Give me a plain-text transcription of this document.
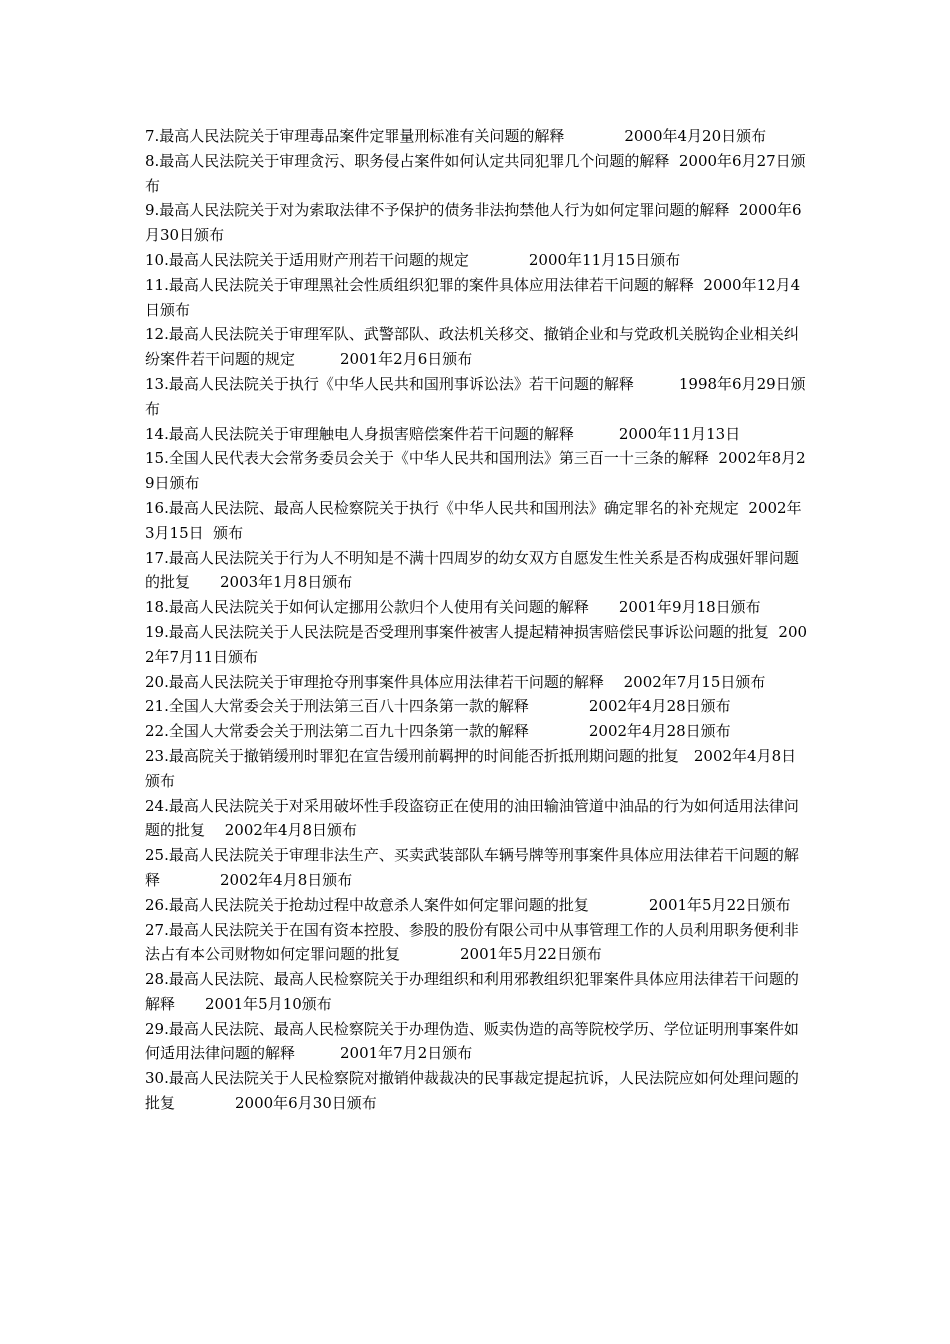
7.最高人民法院关于审理毒品案件定罪量刑标准有关问题的解释　　　　2000年4月20日颁布

8.最高人民法院关于审理贪污、职务侵占案件如何认定共同犯罪几个问题的解释  2000年6月27日颁布

9.最高人民法院关于对为索取法律不予保护的债务非法拘禁他人行为如何定罪问题的解释  2000年6月30日颁布

10.最高人民法院关于适用财产刑若干问题的规定　　　　2000年11月15日颁布

11.最高人民法院关于审理黑社会性质组织犯罪的案件具体应用法律若干问题的解释  2000年12月4日颁布

12.最高人民法院关于审理军队、武警部队、政法机关移交、撤销企业和与党政机关脱钩企业相关纠纷案件若干问题的规定　　　2001年2月6日颁布

13.最高人民法院关于执行《中华人民共和国刑事诉讼法》若干问题的解释　　　1998年6月29日颁布

14.最高人民法院关于审理触电人身损害赔偿案件若干问题的解释　　　2000年11月13日

15.全国人民代表大会常务委员会关于《中华人民共和国刑法》第三百一十三条的解释  2002年8月29日颁布

16.最高人民法院、最高人民检察院关于执行《中华人民共和国刑法》确定罪名的补充规定  2002年3月15日  颁布

17.最高人民法院关于行为人不明知是不满十四周岁的幼女双方自愿发生性关系是否构成强奸罪问题的批复　　2003年1月8日颁布

18.最高人民法院关于如何认定挪用公款归个人使用有关问题的解释　　2001年9月18日颁布

19.最高人民法院关于人民法院是否受理刑事案件被害人提起精神损害赔偿民事诉讼问题的批复  2002年7月11日颁布

20.最高人民法院关于审理抢夺刑事案件具体应用法律若干问题的解释　 2002年7月15日颁布

21.全国人大常委会关于刑法第三百八十四条第一款的解释　　　　2002年4月28日颁布

22.全国人大常委会关于刑法第二百九十四条第一款的解释　　　　2002年4月28日颁布

23.最高院关于撤销缓刑时罪犯在宣告缓刑前羁押的时间能否折抵刑期问题的批复　2002年4月8日颁布

24.最高人民法院关于对采用破坏性手段盗窃正在使用的油田输油管道中油品的行为如何适用法律问题的批复　 2002年4月8日颁布

25.最高人民法院关于审理非法生产、买卖武装部队车辆号牌等刑事案件具体应用法律若干问题的解释　　　　2002年4月8日颁布

26.最高人民法院关于抢劫过程中故意杀人案件如何定罪问题的批复　　　　2001年5月22日颁布

27.最高人民法院关于在国有资本控股、参股的股份有限公司中从事管理工作的人员利用职务便利非法占有本公司财物如何定罪问题的批复　　　　2001年5月22日颁布

28.最高人民法院、最高人民检察院关于办理组织和利用邪教组织犯罪案件具体应用法律若干问题的解释　　2001年5月10颁布

29.最高人民法院、最高人民检察院关于办理伪造、贩卖伪造的高等院校学历、学位证明刑事案件如何适用法律问题的解释　　　2001年7月2日颁布

30.最高人民法院关于人民检察院对撤销仲裁裁决的民事裁定提起抗诉，人民法院应如何处理问题的批复　　　　2000年6月30日颁布
